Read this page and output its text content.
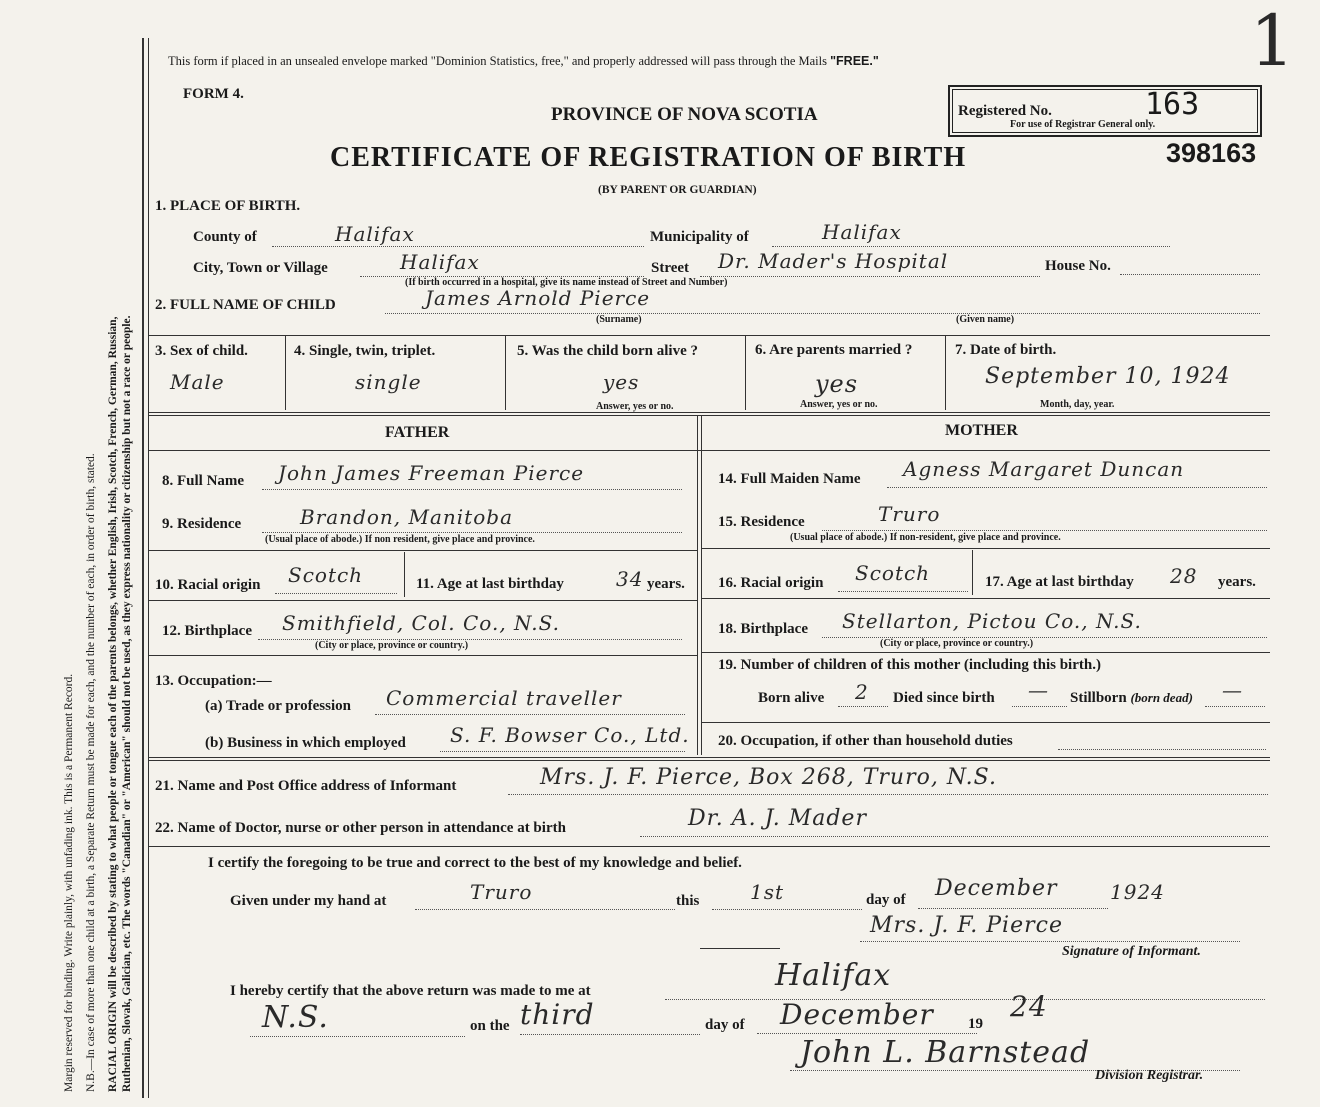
Margin reserved for binding. Write plainly, with unfading ink. This is a Permanent Record. N.B.—In case of more than one child at a birth, a Separate Return must be made for each, and the number of each, in order of birth, stated. RACIAL ORIGIN will be described by stating to what people or tongue each of the parents belongs, whether English, Irish, Scotch, French, German, Russian, Ruthenian, Slovak, Galician, etc. The words "Canadian" or "American" should not be used, as they express nationality or citizenship but not a race or people.
This form if placed in an unsealed envelope marked "Dominion Statistics, free," and properly addressed will pass through the Mails "FREE."
FORM 4.
PROVINCE OF NOVA SCOTIA	Registered No.	163
For use of Registrar General only.
1
CERTIFICATE OF REGISTRATION OF BIRTH	398163
(BY PARENT OR GUARDIAN)
1. PLACE OF BIRTH.
County of	Halifax	Municipality of	Halifax
City, Town or Village	Halifax	Street Dr. Mader's Hospital	House No.
(If birth occurred in a hospital, give its name instead of Street and Number)
2. FULL NAME OF CHILD	James Arnold Pierce
(Surname)	(Given name)
3. Sex of child.
Male
4. Single, twin, triplet.
single
5. Was the child born alive ?
yes
Answer, yes or no.
6. Are parents married ?
yes
Answer, yes or no.
7. Date of birth.
September 10, 1924
Month, day, year.
FATHER	MOTHER
8. Full Name John James Freeman Pierce
9. Residence	Brandon, Manitoba
(Usual place of abode.) If non resident, give place and province.
10. Racial origin Scotch	11. Age at last birthday	34 years.
12. Birthplace Smithfield, Col. Co., N.S.
(City or place, province or country.)
13. Occupation:—
(a) Trade or profession Commercial traveller
(b) Business in which employed S. F. Bowser Co., Ltd.
14. Full Maiden Name Agness Margaret Duncan
15. Residence	Truro
(Usual place of abode.) If non-resident, give place and province.
16. Racial origin Scotch	17. Age at last birthday 28 years.
18. Birthplace Stellarton, Pictou Co., N.S.
(City or place, province or country.)
19. Number of children of this mother (including this birth.)
Born alive 2 Died since birth — Stillborn (born dead) —
20. Occupation, if other than household duties
21. Name and Post Office address of Informant	Mrs. J. F. Pierce, Box 268, Truro, N.S.
22. Name of Doctor, nurse or other person in attendance at birth	Dr. A. J. Mader
I certify the foregoing to be true and correct to the best of my knowledge and belief.
Given under my hand at	Truro	this	1st	day of December	1924
Mrs. J. F. Pierce
Signature of Informant.
I hereby certify that the above return was made to me at	Halifax
N.S.	on the third	day of December 19
24
John L. Barnstead
Division Registrar.
